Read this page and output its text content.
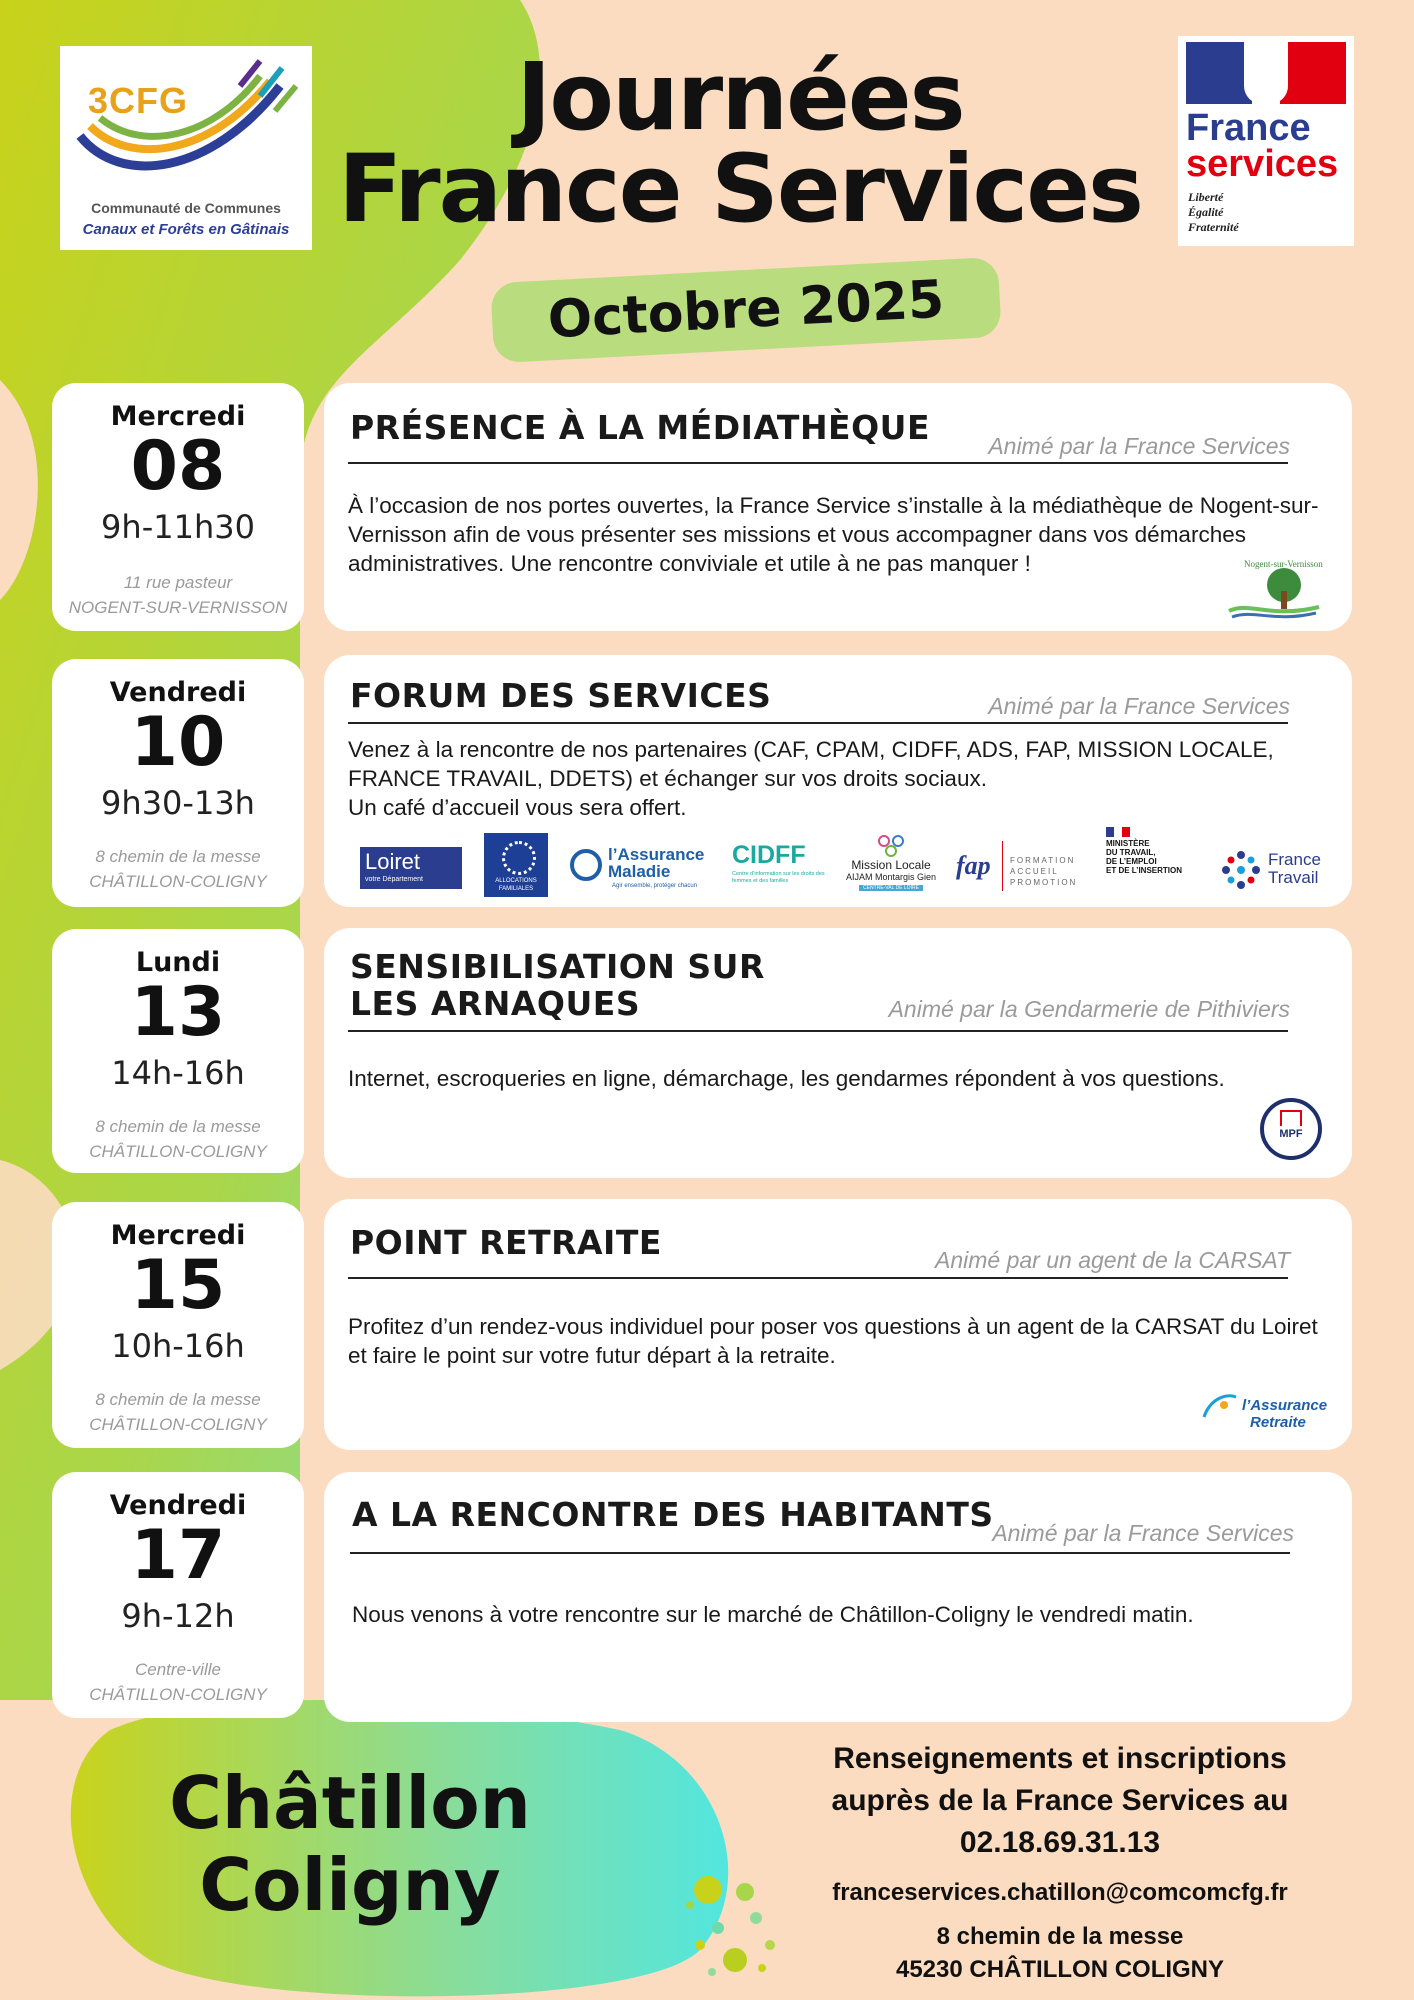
3CFG
Communauté de Communes
Canaux et Forêts en Gâtinais
Journées
France Services
France
services
Liberté
Égalité
Fraternité
Octobre 2025
Mercredi
08
9h-11h30
11 rue pasteur
NOGENT-SUR-VERNISSON
PRÉSENCE À LA MÉDIATHÈQUE	Animé par la France Services
À l’occasion de nos portes ouvertes, la France Service s’installe à la médiathèque de Nogent-sur-Vernisson afin de vous présenter ses missions et vous accompagner dans vos démarches administratives. Une rencontre conviviale et utile à ne pas manquer !	Nogent-sur-Vernisson
Vendredi
10
9h30-13h
8 chemin de la messe
CHÂTILLON-COLIGNY
FORUM DES SERVICES	Animé par la France Services
Venez à la rencontre de nos partenaires (CAF, CPAM, CIDFF, ADS, FAP, MISSION LOCALE, FRANCE TRAVAIL, DDETS) et échanger sur vos droits sociaux.
Un café d’accueil vous sera offert.
Loiret
votre Département	ALLOCATIONS FAMILIALES
l’Assurance
Maladie
Agir ensemble, protéger chacun
CIDFF
Centre d’information sur les droits des femmes et des familles
Mission Locale
AIJAM Montargis Gien
CENTRE-VAL DE LOIRE
fap FORMATION
ACCUEIL
PROMOTION
MINISTÈRE
DU TRAVAIL,
DE L’EMPLOI
ET DE L’INSERTION
France
Travail
Lundi
13
14h-16h
8 chemin de la messe
CHÂTILLON-COLIGNY
SENSIBILISATION SUR
LES ARNAQUES	Animé par la Gendarmerie de Pithiviers
Internet, escroqueries en ligne, démarchage, les gendarmes répondent à vos questions.
MPF
Mercredi
15
10h-16h
8 chemin de la messe
CHÂTILLON-COLIGNY
POINT RETRAITE	Animé par un agent de la CARSAT
Profitez d’un rendez-vous individuel pour poser vos questions à un agent de la CARSAT du Loiret et faire le point sur votre futur départ à la retraite.
l’Assurance
Retraite
Vendredi
17
9h-12h
Centre-ville
CHÂTILLON-COLIGNY
A LA RENCONTRE DES HABITANTS
Animé par la France Services
Nous venons à votre rencontre sur le marché de Châtillon-Coligny le vendredi matin.
Châtillon
Coligny
Renseignements et inscriptions
auprès de la France Services au
02.18.69.31.13
franceservices.chatillon@comcomcfg.fr
8 chemin de la messe
45230 CHÂTILLON COLIGNY
